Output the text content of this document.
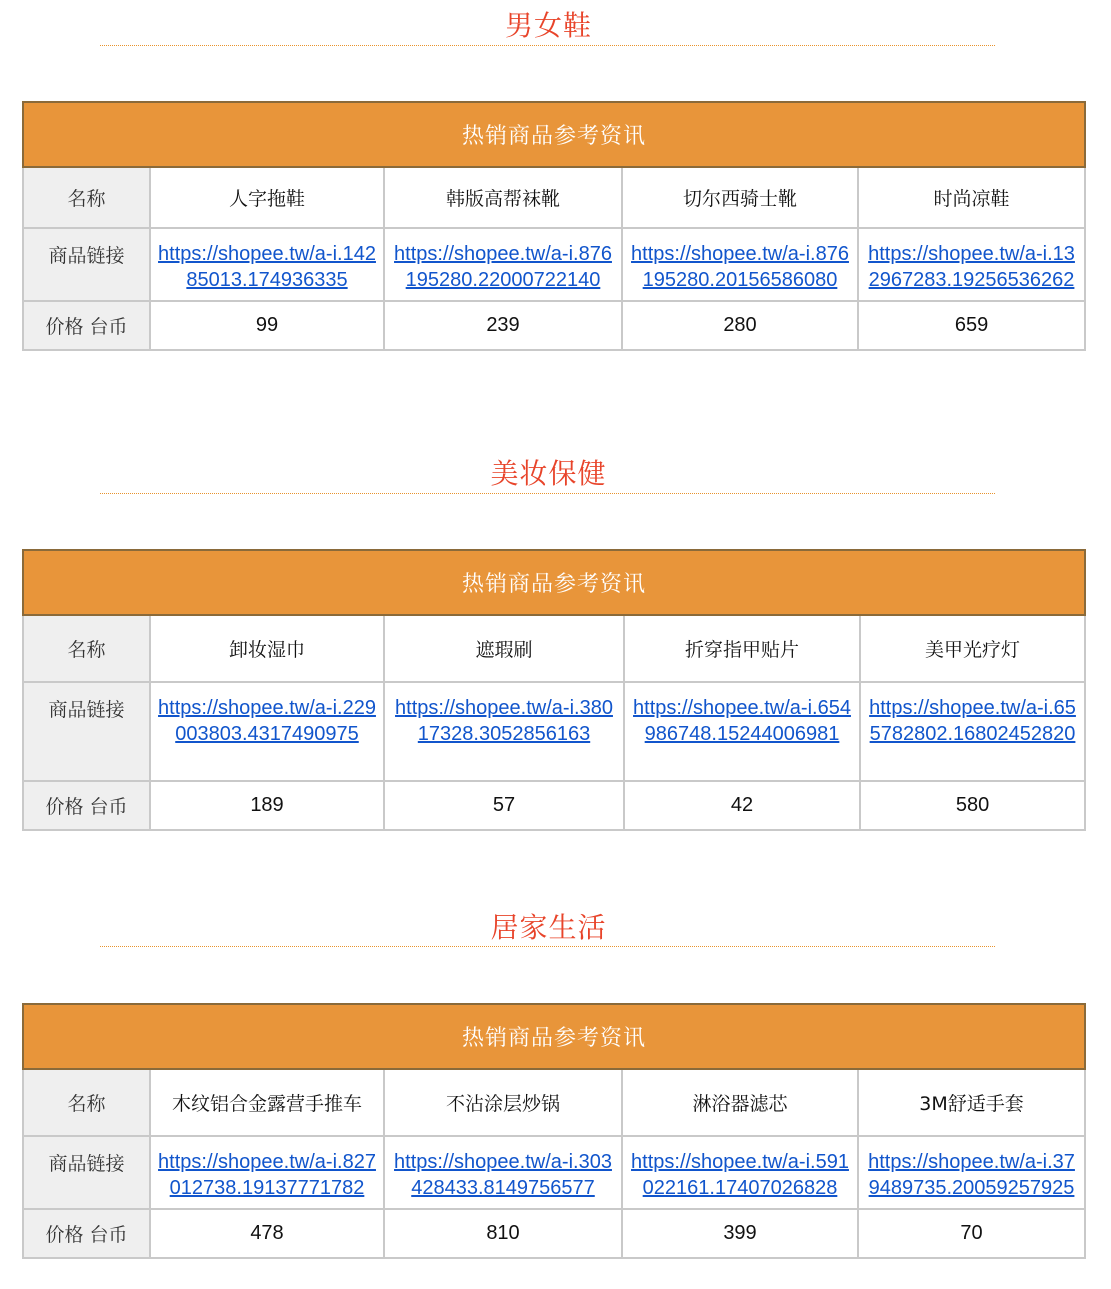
男女鞋
热销商品参考资讯				
名称	人字拖鞋	韩版高帮袜靴	切尔西骑士靴	时尚凉鞋
商品链接	https://shopee.tw/a-i.14285013.174936335	https://shopee.tw/a-i.876195280.22000722140	https://shopee.tw/a-i.876195280.20156586080	https://shopee.tw/a-i.132967283.19256536262
价格 台币	99	239	280	659
美妆保健
热销商品参考资讯				
名称	卸妆湿巾	遮瑕刷	折穿指甲贴片	美甲光疗灯
商品链接	https://shopee.tw/a-i.229003803.4317490975	https://shopee.tw/a-i.38017328.3052856163	https://shopee.tw/a-i.654986748.15244006981	https://shopee.tw/a-i.655782802.16802452820
价格 台币	189	57	42	580
居家生活
热销商品参考资讯				
名称	木纹铝合金露营手推车	不沾涂层炒锅	淋浴器滤芯	3M舒适手套
商品链接	https://shopee.tw/a-i.827012738.19137771782	https://shopee.tw/a-i.303428433.8149756577	https://shopee.tw/a-i.591022161.17407026828	https://shopee.tw/a-i.379489735.20059257925
价格 台币	478	810	399	70
